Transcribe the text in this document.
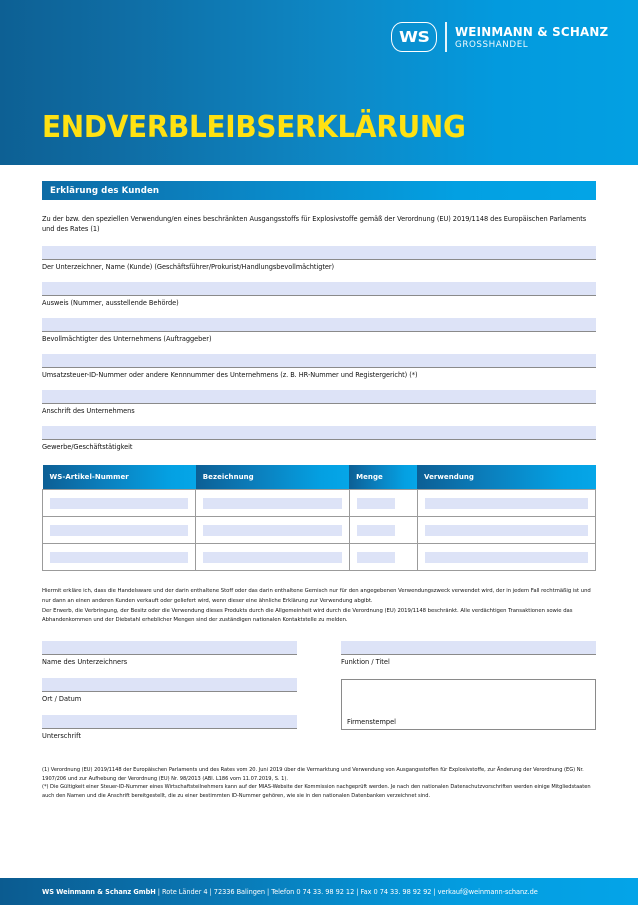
WS WEINMANN & SCHANZ
GROSSHANDEL
ENDVERBLEIBSERKLÄRUNG
Erklärung des Kunden
Zu der bzw. den speziellen Verwendung/en eines beschränkten Ausgangsstoffs für Explosivstoffe gemäß der Verordnung (EU) 2019/1148 des Europäischen Parlaments und des Rates (1)
Der Unterzeichner, Name (Kunde) (Geschäftsführer/Prokurist/Handlungsbevollmächtigter)
Ausweis (Nummer, ausstellende Behörde)
Bevollmächtigter des Unternehmens (Auftraggeber)
Umsatzsteuer-ID-Nummer oder andere Kennnummer des Unternehmens (z. B. HR-Nummer und Registergericht) (*)
Anschrift des Unternehmens
Gewerbe/Geschäftstätigkeit
WS-Artikel-Nummer	Bezeichnung	Menge	Verwendung

Hiermit erkläre ich, dass die Handelsware und der darin enthaltene Stoff oder das darin enthaltene Gemisch nur für den angegebenen Verwendungszweck verwendet wird, der in jedem Fall rechtmäßig ist und nur dann an einen anderen Kunden verkauft oder geliefert wird, wenn dieser eine ähnliche Erklärung zur Verwendung abgibt.

Der Erwerb, die Verbringung, der Besitz oder die Verwendung dieses Produkts durch die Allgemeinheit wird durch die Verordnung (EU) 2019/1148 beschränkt. Alle verdächtigen Transaktionen sowie das Abhandenkommen und der Diebstahl erheblicher Mengen sind der zuständigen nationalen Kontaktstelle zu melden.

Name des Unterzeichners
Ort / Datum
Unterschrift
Funktion / Titel
Firmenstempel

(1) Verordnung (EU) 2019/1148 der Europäischen Parlaments und des Rates vom 20. Juni 2019 über die Vermarktung und Verwendung von Ausgangsstoffen für Explosivstoffe, zur Änderung der Verordnung (EG) Nr. 1907/206 und zur Aufhebung der Verordnung (EU) Nr. 98/2013 (ABl. L186 vom 11.07.2019, S. 1).

(*) Die Gültigkeit einer Steuer-ID-Nummer eines Wirtschaftsteilnehmers kann auf der MIAS-Website der Kommission nachgeprüft werden. Je nach den nationalen Datenschutzvorschriften werden einige Mitgliedstaaten auch den Namen und die Anschrift bereitgestellt, die zu einer bestimmten ID-Nummer gehören, wie sie in den nationalen Datenbanken verzeichnet sind.

WS Weinmann & Schanz GmbH | Rote Länder 4 | 72336 Balingen | Telefon 0 74 33. 98 92 12 | Fax 0 74 33. 98 92 92 | verkauf@weinmann-schanz.de
